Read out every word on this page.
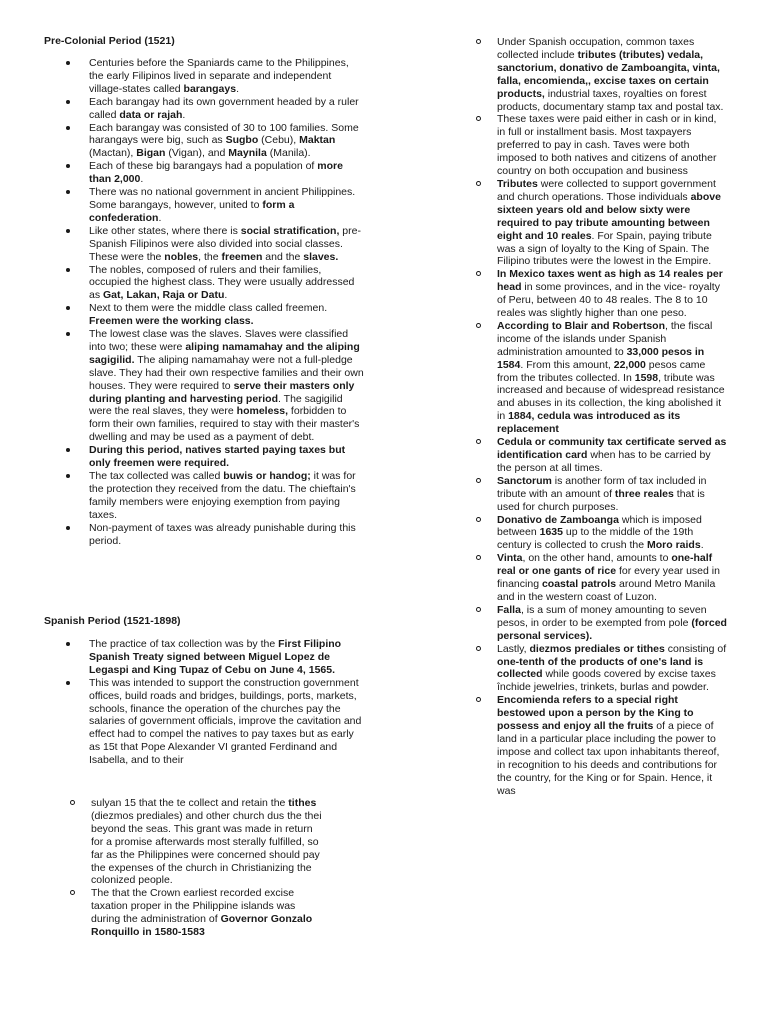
Pre-Colonial Period (1521)
Centuries before the Spaniards came to the Philippines, the early Filipinos lived in separate and independent village-states called barangays.
Each barangay had its own government headed by a ruler called data or rajah.
Each barangay was consisted of 30 to 100 families. Some harangays were big, such as Sugbo (Cebu), Maktan (Mactan), Bigan (Vigan), and Maynila (Manila).
Each of these big barangays had a population of more than 2,000.
There was no national government in ancient Philippines. Some barangays, however, united to form a confederation.
Like other states, where there is social stratification, pre-Spanish Filipinos were also divided into social classes. These were the nobles, the freemen and the slaves.
The nobles, composed of rulers and their families, occupied the highest class. They were usually addressed as Gat, Lakan, Raja or Datu.
Next to them were the middle class called freemen. Freemen were the working class.
The lowest clase was the slaves. Slaves were classified into two; these were aliping namamahay and the aliping sagigilid. The aliping namamahay were not a full-pledge slave. They had their own respective families and their own houses. They were required to serve their masters only during planting and harvesting period. The sagigilid were the real slaves, they were homeless, forbidden to form their own families, required to stay with their master's dwelling and may be used as a payment of debt.
During this period, natives started paying taxes but only freemen were required.
The tax collected was called buwis or handog; it was for the protection they received from the datu. The chieftain's family members were enjoying exemption from paying taxes.
Non-payment of taxes was already punishable during this period.
Spanish Period (1521-1898)
The practice of tax collection was by the First Filipino Spanish Treaty signed between Miguel Lopez de Legaspi and King Tupaz of Cebu on June 4, 1565.
This was intended to support the construction government offices, build roads and bridges, buildings, ports, markets, schools, finance the operation of the churches pay the salaries of government officials, improve the cavitation and effect had to compel the natives to pay taxes but as early as 15t that Pope Alexander VI granted Ferdinand and Isabella, and to their
sulyan 15 that the te collect and retain the tithes (diezmos prediales) and other church dus the thei beyond the seas. This grant was made in return for a promise afterwards most sterally fulfilled, so far as the Philippines were concerned should pay the expenses of the church in Christianizing the colonized people.
The that the Crown earliest recorded excise taxation proper in the Philippine islands was during the administration of Governor Gonzalo Ronquillo in 1580-1583
Under Spanish occupation, common taxes collected include tributes (tributes) vedala, sanctorium, donativo de Zamboangita, vinta, falla, encomienda,, excise taxes on certain products, industrial taxes, royalties on forest products, documentary stamp tax and postal tax.
These taxes were paid either in cash or in kind, in full or installment basis. Most taxpayers preferred to pay in cash. Taves were both imposed to both natives and citizens of another country on both occupation and business
Tributes were collected to support government and church operations. Those individuals above sixteen years old and below sixty were required to pay tribute amounting between eight and 10 reales. For Spain, paying tribute was a sign of loyalty to the King of Spain. The Filipino tributes were the lowest in the Empire.
In Mexico taxes went as high as 14 reales per head in some provinces, and in the vice- royalty of Peru, between 40 to 48 reales. The 8 to 10 reales was slightly higher than one peso.
According to Blair and Robertson, the fiscal income of the islands under Spanish administration amounted to 33,000 pesos in 1584. From this amount, 22,000 pesos came from the tributes collected. In 1598, tribute was increased and because of widespread resistance and abuses in its collection, the king abolished it in 1884, cedula was introduced as its replacement
Cedula or community tax certificate served as identification card when has to be carried by the person at all times.
Sanctorum is another form of tax included in tribute with an amount of three reales that is used for church purposes.
Donativo de Zamboanga which is imposed between 1635 up to the middle of the 19th century is collected to crush the Moro raids.
Vinta, on the other hand, amounts to one-half real or one gants of rice for every year used in financing coastal patrols around Metro Manila and in the western coast of Luzon.
Falla, is a sum of money amounting to seven pesos, in order to be exempted from pole (forced personal services).
Lastly, diezmos prediales or tithes consisting of one-tenth of the products of one's land is collected while goods covered by excise taxes închide jewelries, trinkets, burlas and powder.
Encomienda refers to a special right bestowed upon a person by the King to possess and enjoy all the fruits of a piece of land in a particular place including the power to impose and collect tax upon inhabitants thereof, in recognition to his deeds and contributions for the country, for the King or for Spain. Hence, it was
